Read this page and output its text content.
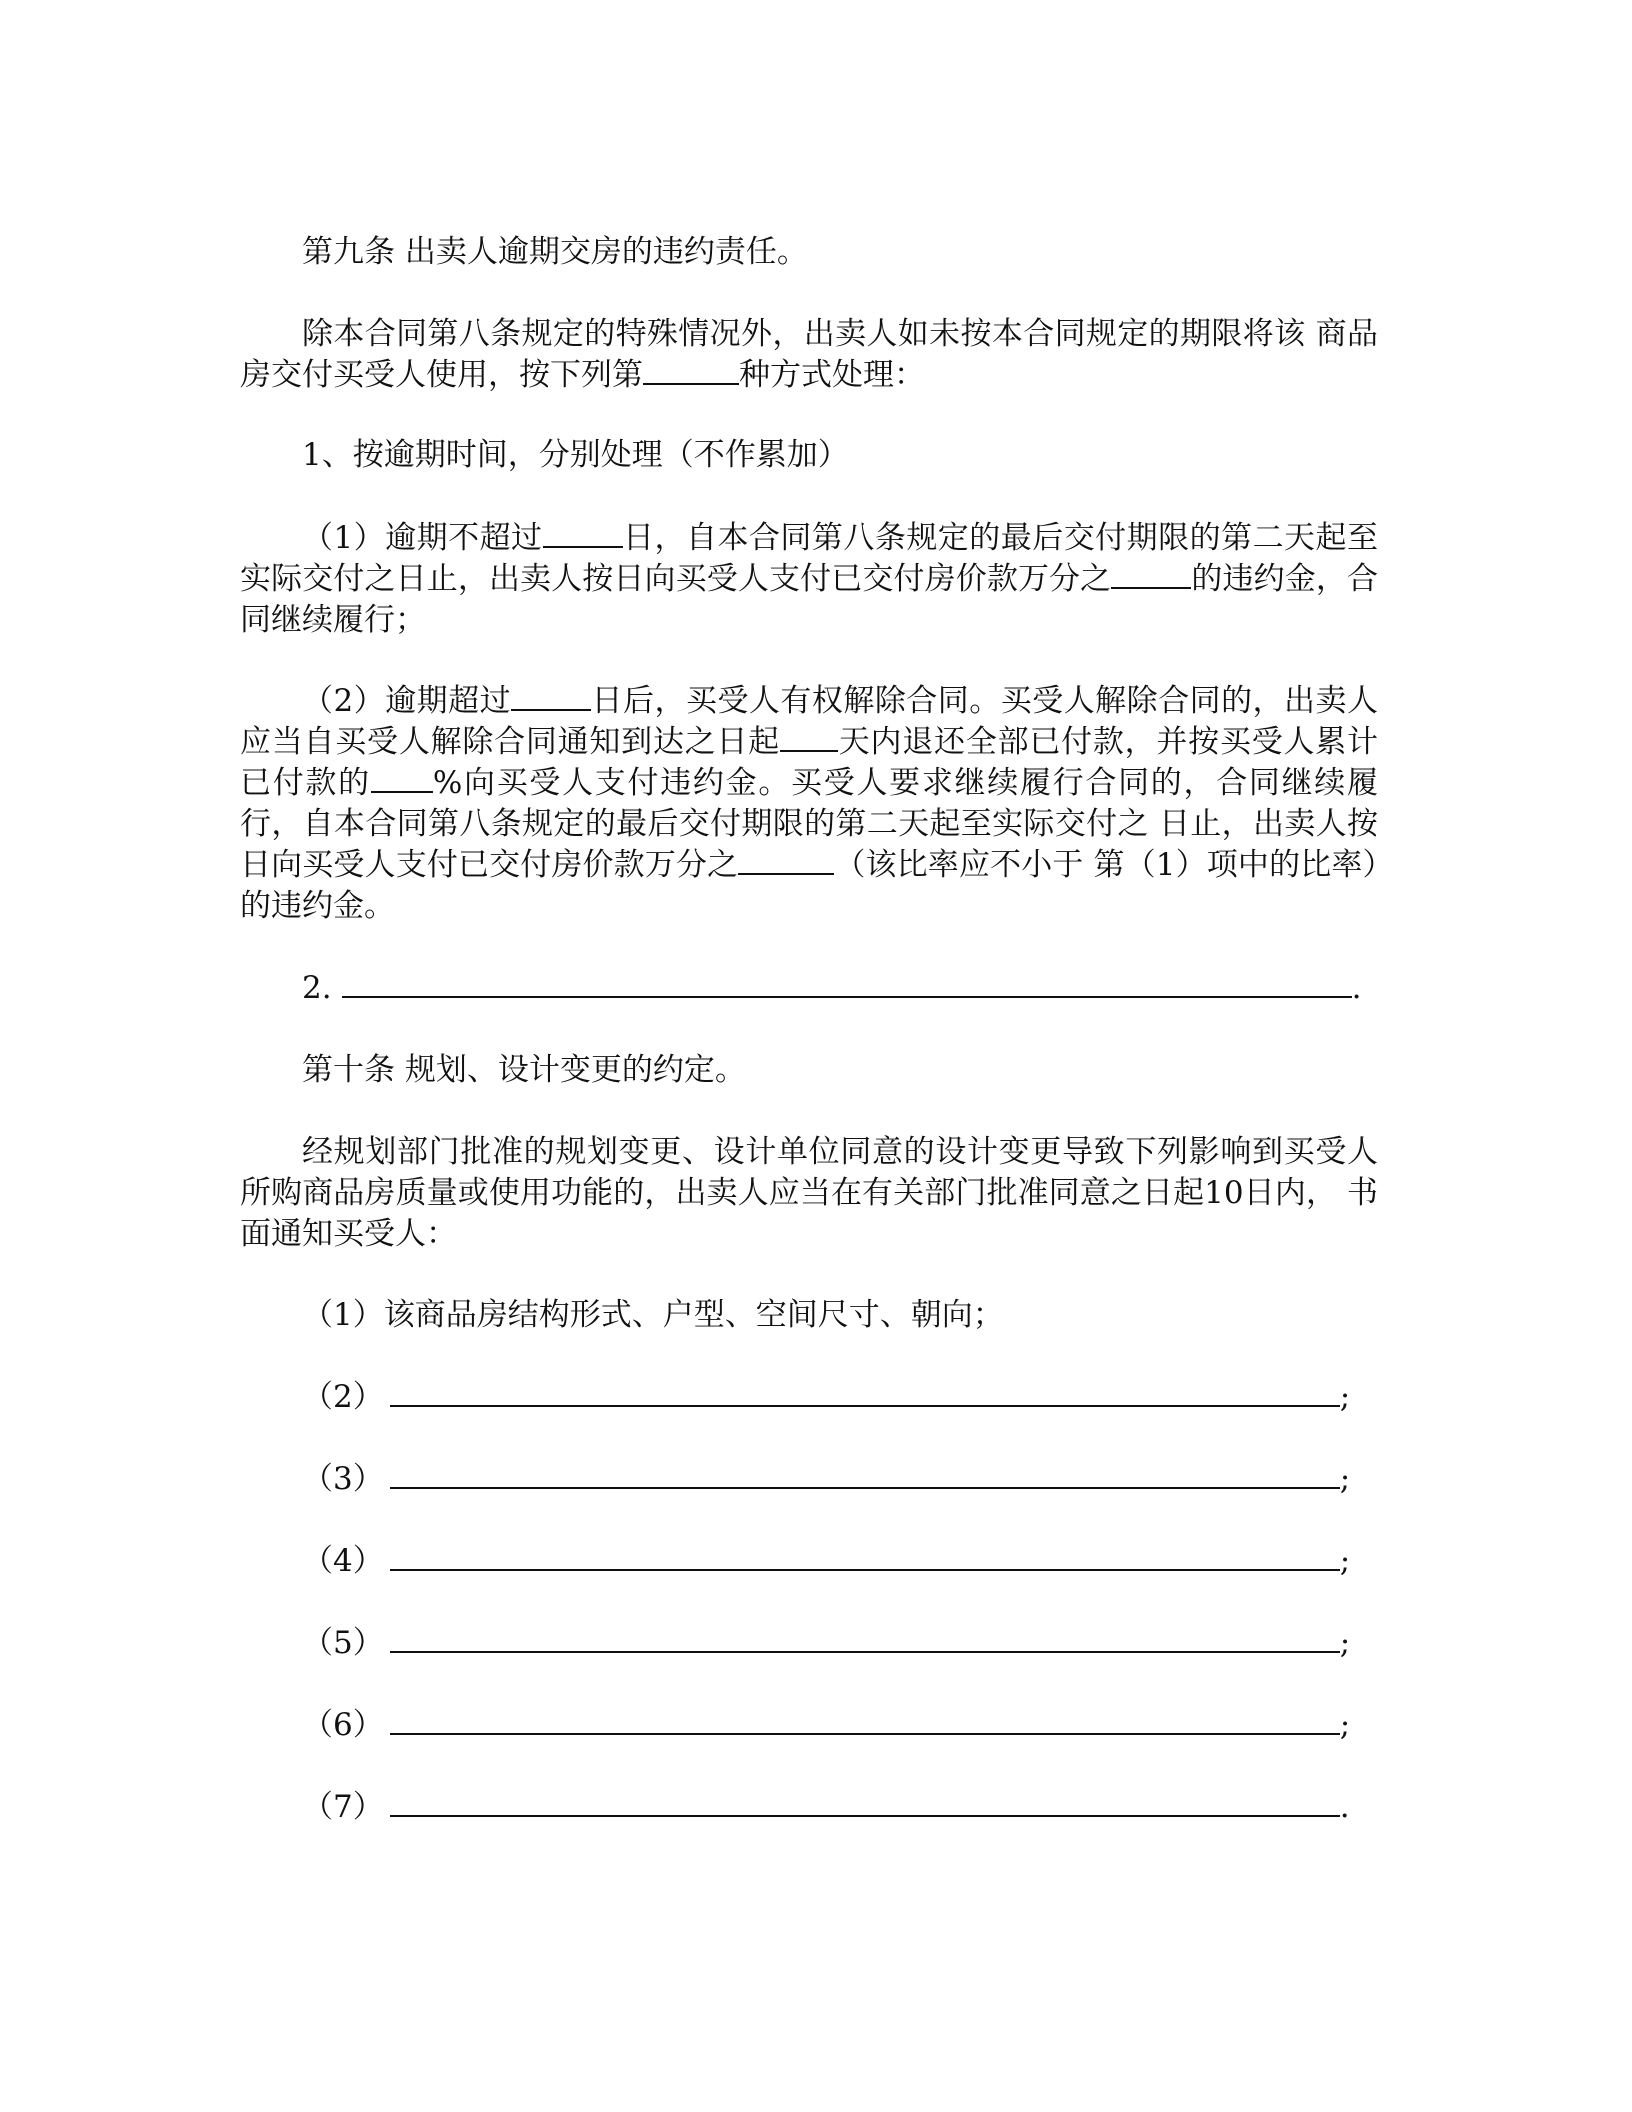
第九条 出卖人逾期交房的违约责任。

除本合同第八条规定的特殊情况外，出卖人如未按本合同规定的期限将该 商品房交付买受人使用，按下列第	种方式处理：

1、按逾期时间，分别处理（不作累加）

（1）逾期不超过	日，自本合同第八条规定的最后交付期限的第二天起至实际交付之日止，出卖人按日向买受人支付已交付房价款万分之	的违约金，合同继续履行；

（2）逾期超过	日后，买受人有权解除合同。买受人解除合同的，出卖人应当自买受人解除合同通知到达之日起 天内退还全部已付款，并按买受人累计已付款的 %向买受人支付违约金。买受人要求继续履行合同的，合同继续履行，自本合同第八条规定的最后交付期限的第二天起至实际交付之 日止，出卖人按日向买受人支付已交付房价款万分之	（该比率应不小于 第（1）项中的比率）的违约金。

2.	.

第十条 规划、设计变更的约定。

经规划部门批准的规划变更、设计单位同意的设计变更导致下列影响到买受人所购商品房质量或使用功能的，出卖人应当在有关部门批准同意之日起10日内， 书面通知买受人：

（1）该商品房结构形式、户型、空间尺寸、朝向；
（2）	;
（3）	;
（4）	;
（5）	;
（6）	;
（7）	.
